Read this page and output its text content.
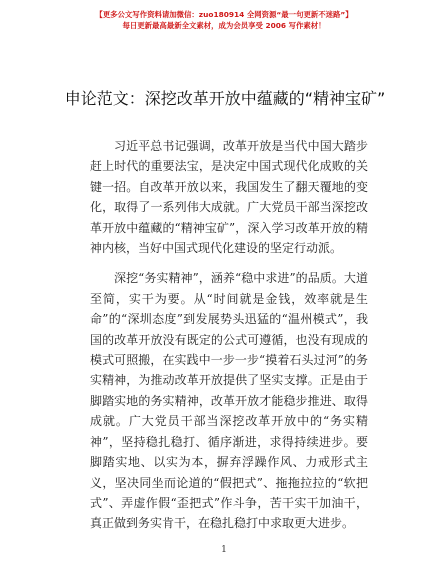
【更多公文写作资料请加微信：zuo180914 全网资源“最一句更新不迷路”】
每日更新最高最新全文素材，成为会员享受 2006 写作素材！
申论范文：深挖改革开放中蕴藏的“精神宝矿”

习近平总书记强调，改革开放是当代中国大踏步赶上时代的重要法宝，是决定中国式现代化成败的关键一招。自改革开放以来，我国发生了翻天覆地的变化，取得了一系列伟大成就。广大党员干部当深挖改革开放中蕴藏的“精神宝矿”，深入学习改革开放的精神内核，当好中国式现代化建设的坚定行动派。

深挖“务实精神”，涵养“稳中求进”的品质。大道至简，实干为要。从“时间就是金钱，效率就是生命”的“深圳态度”到发展势头迅猛的“温州模式”，我国的改革开放没有既定的公式可遵循，也没有现成的模式可照搬，在实践中一步一步“摸着石头过河”的务实精神，为推动改革开放提供了坚实支撑。正是由于脚踏实地的务实精神，改革开放才能稳步推进、取得成就。广大党员干部当深挖改革开放中的“务实精神”，坚持稳扎稳打、循序渐进，求得持续进步。要脚踏实地、以实为本，摒弃浮躁作风、力戒形式主义，坚决同坐而论道的“假把式”、拖拖拉拉的“软把式”、弄虚作假“歪把式”作斗争，苦干实干加油干，真正做到务实肯干，在稳扎稳打中求取更大进步。

1
